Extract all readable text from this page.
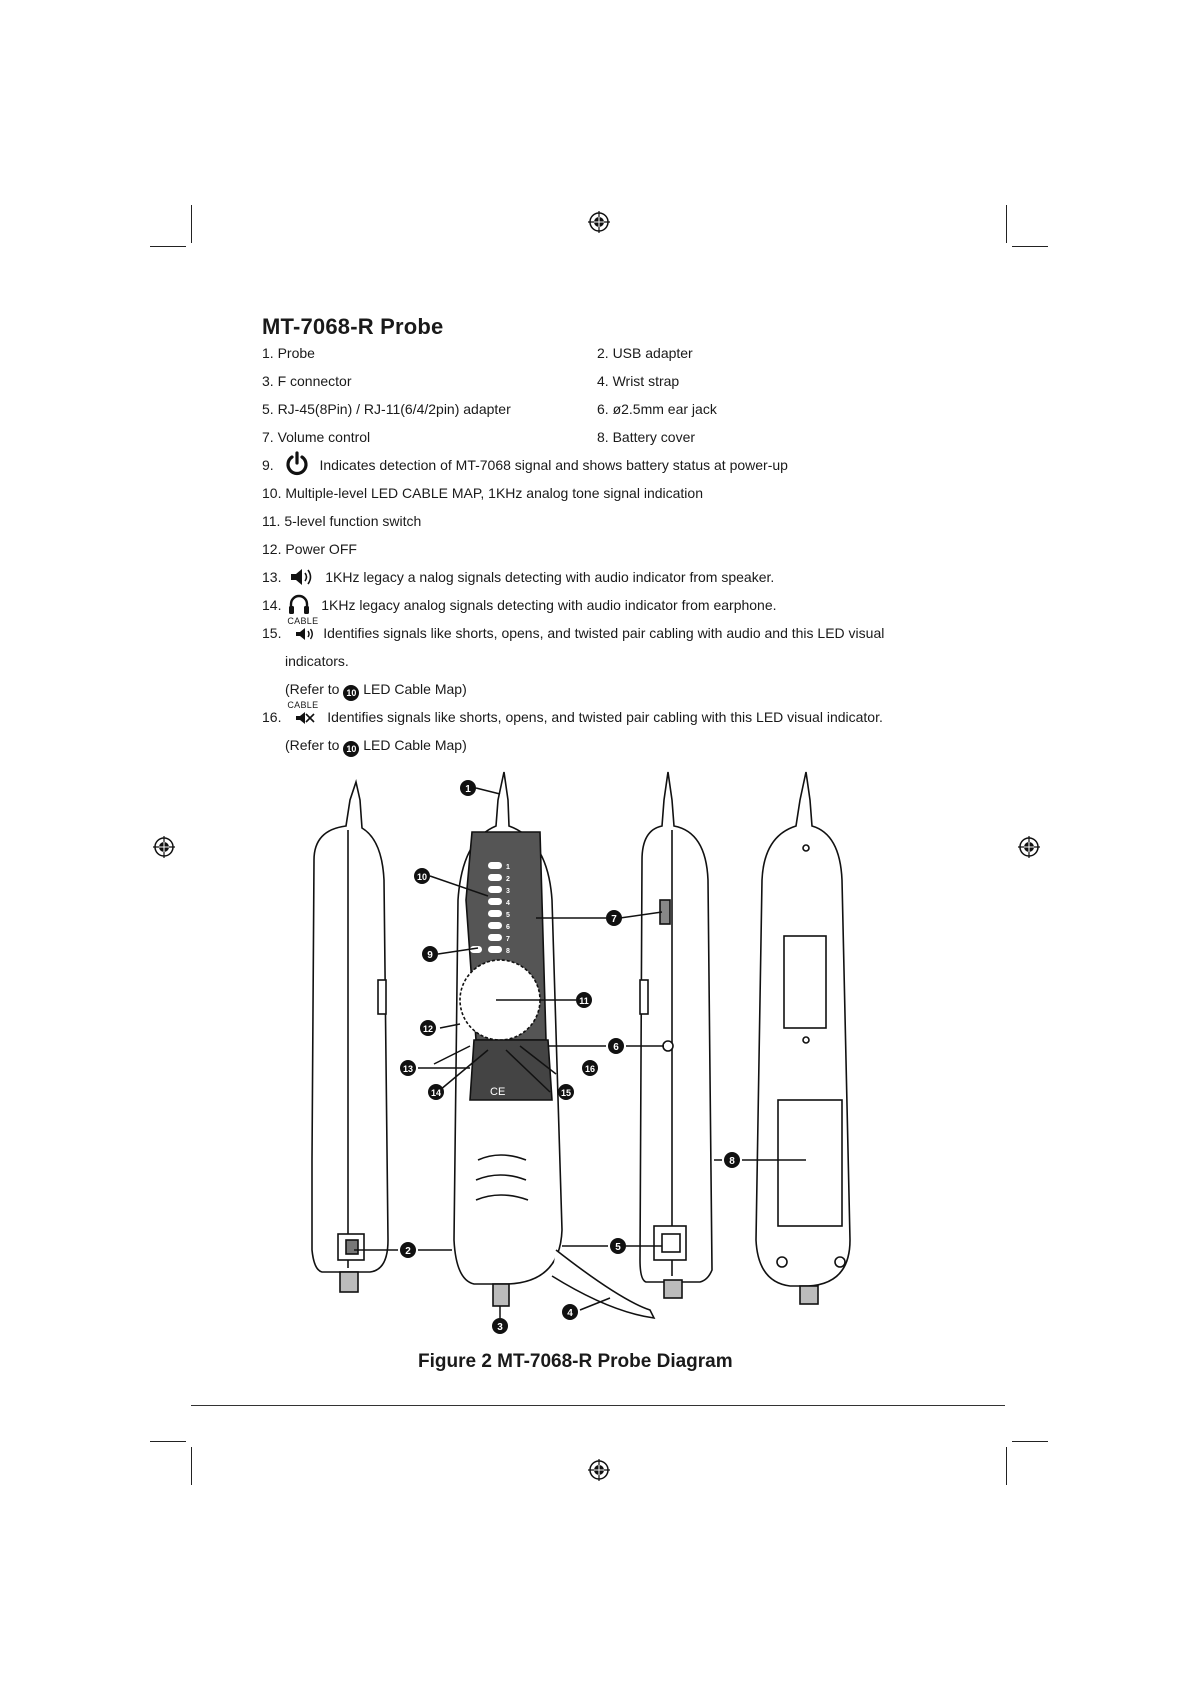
MT-7068-R Probe
1. Probe	2. USB adapter
3. F connector	4. Wrist strap
5. RJ-45(8Pin) / RJ-11(6/4/2pin) adapter	6. ø2.5mm ear jack
7. Volume control	8. Battery cover
9.	Indicates detection of MT-7068 signal and shows battery status at power-up
10. Multiple-level LED CABLE MAP, 1KHz analog tone signal indication
11. 5-level function switch
12. Power OFF
13.	1KHz legacy a nalog signals detecting with audio indicator from speaker.
14.	1KHz legacy analog signals detecting with audio indicator from earphone.
15.
CABLE
Identifies signals like shorts, opens, and twisted pair cabling with audio and this LED visual
indicators.
(Refer to 10 LED Cable Map)
16.
CABLE
Identifies signals like shorts, opens, and twisted pair cabling with this LED visual indicator.
(Refer to 10 LED Cable Map)
1
2
3
4
5
6
7
8
Pro'sKit
CE
1
2
3
4
5
6
7
8
9
10
11
12
13
14	15
16
Figure 2 MT-7068-R Probe Diagram
